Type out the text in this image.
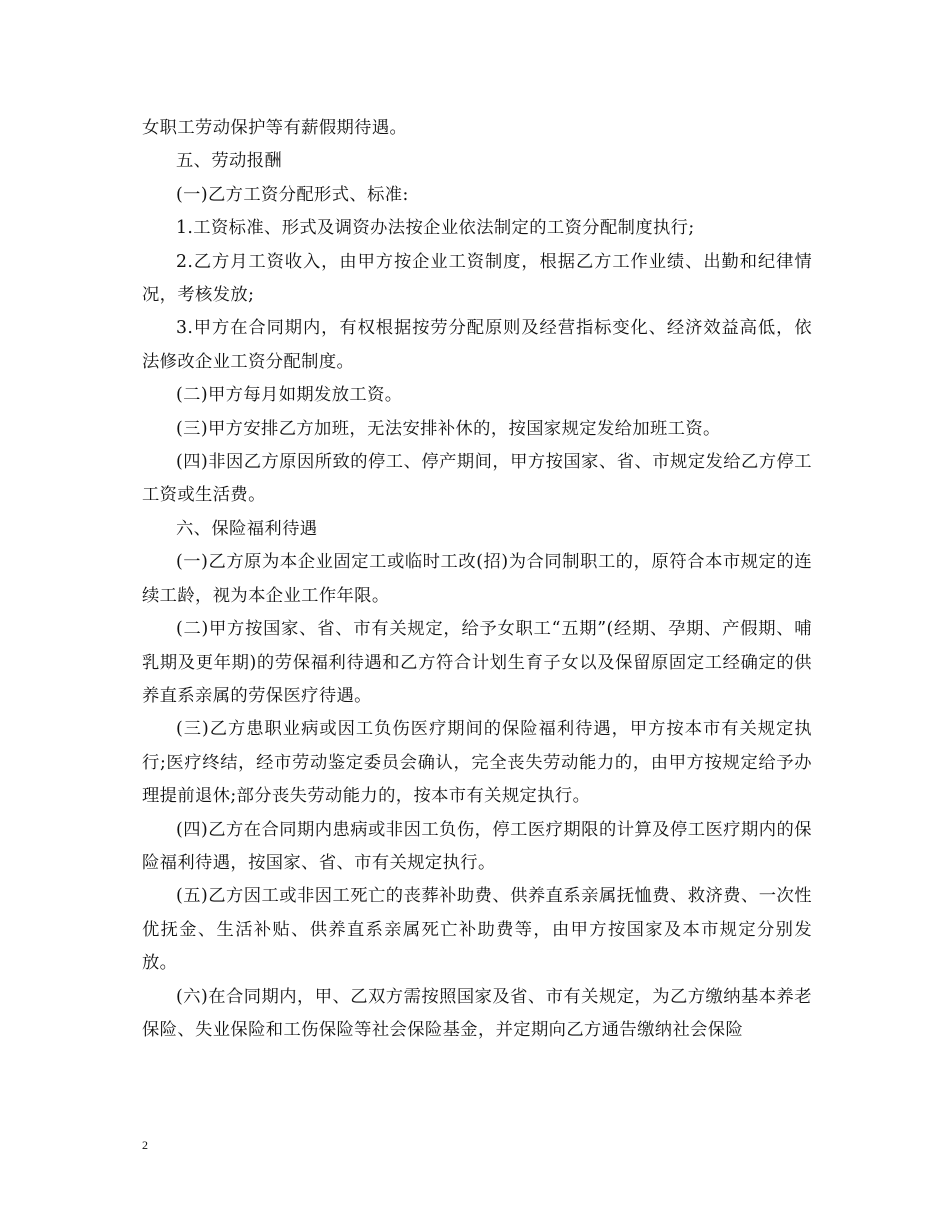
女职工劳动保护等有薪假期待遇。

五、劳动报酬

(一)乙方工资分配形式、标准:

1.工资标准、形式及调资办法按企业依法制定的工资分配制度执行;

2.乙方月工资收入，由甲方按企业工资制度，根据乙方工作业绩、出勤和纪律情况，考核发放;

3.甲方在合同期内，有权根据按劳分配原则及经营指标变化、经济效益高低，依法修改企业工资分配制度。

(二)甲方每月如期发放工资。

(三)甲方安排乙方加班，无法安排补休的，按国家规定发给加班工资。

(四)非因乙方原因所致的停工、停产期间，甲方按国家、省、市规定发给乙方停工工资或生活费。

六、保险福利待遇

(一)乙方原为本企业固定工或临时工改(招)为合同制职工的，原符合本市规定的连续工龄，视为本企业工作年限。

(二)甲方按国家、省、市有关规定，给予女职工“五期”(经期、孕期、产假期、哺乳期及更年期)的劳保福利待遇和乙方符合计划生育子女以及保留原固定工经确定的供养直系亲属的劳保医疗待遇。

(三)乙方患职业病或因工负伤医疗期间的保险福利待遇，甲方按本市有关规定执行;医疗终结，经市劳动鉴定委员会确认，完全丧失劳动能力的，由甲方按规定给予办理提前退休;部分丧失劳动能力的，按本市有关规定执行。

(四)乙方在合同期内患病或非因工负伤，停工医疗期限的计算及停工医疗期内的保险福利待遇，按国家、省、市有关规定执行。

(五)乙方因工或非因工死亡的丧葬补助费、供养直系亲属抚恤费、救济费、一次性优抚金、生活补贴、供养直系亲属死亡补助费等，由甲方按国家及本市规定分别发放。

(六)在合同期内，甲、乙双方需按照国家及省、市有关规定，为乙方缴纳基本养老保险、失业保险和工伤保险等社会保险基金，并定期向乙方通告缴纳社会保险

2
